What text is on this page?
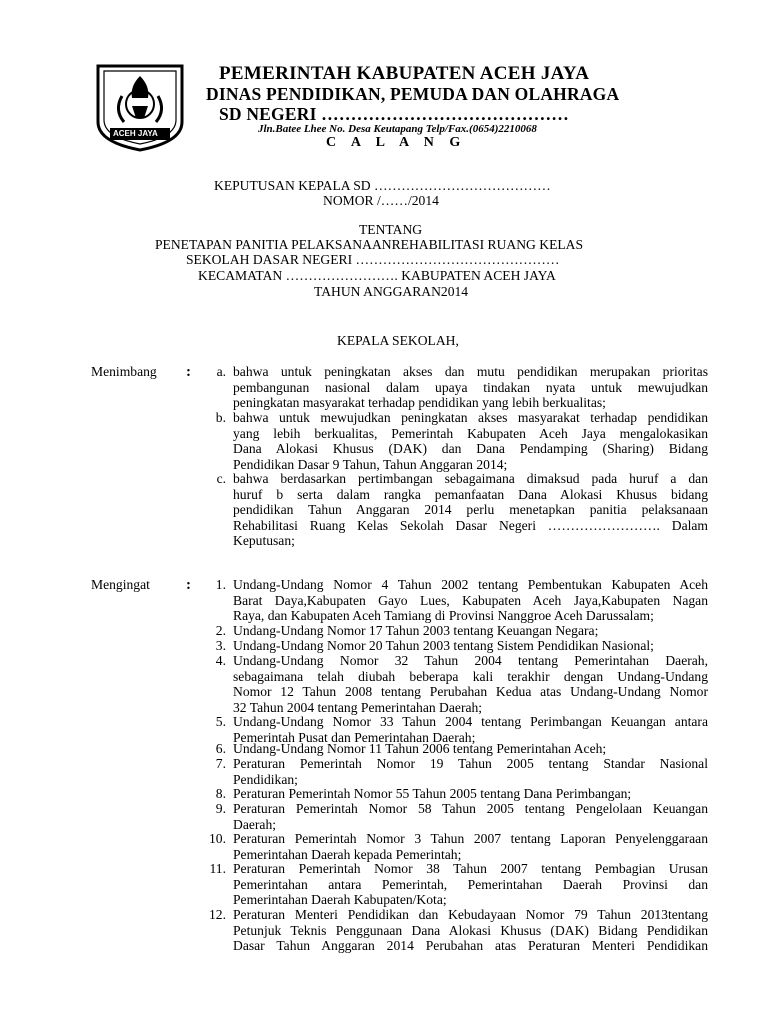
ACEH JAYA
PEMERINTAH KABUPATEN ACEH JAYA
DINAS PENDIDIKAN, PEMUDA DAN OLAHRAGA
SD NEGERI ……………………………………
Jln.Batee Lhee No. Desa Keutapang Telp/Fax.(0654)2210068
C A L A N G
KEPUTUSAN KEPALA SD …………………………………
NOMOR /……/2014
TENTANG
PENETAPAN PANITIA PELAKSANAANREHABILITASI RUANG KELAS
SEKOLAH DASAR NEGERI ………………………………………
KECAMATAN ……………………. KABUPATEN ACEH JAYA
TAHUN ANGGARAN2014
KEPALA SEKOLAH,
Menimbang :	a. bahwa untuk peningkatan akses dan mutu pendidikan merupakan prioritas
pembangunan nasional dalam upaya tindakan nyata untuk mewujudkan
peningkatan masyarakat terhadap pendidikan yang lebih berkualitas;
b. bahwa untuk mewujudkan peningkatan akses masyarakat terhadap pendidikan
yang lebih berkualitas, Pemerintah Kabupaten Aceh Jaya mengalokasikan
Dana Alokasi Khusus (DAK) dan Dana Pendamping (Sharing) Bidang
Pendidikan Dasar 9 Tahun, Tahun Anggaran 2014;
c. bahwa berdasarkan pertimbangan sebagaimana dimaksud pada huruf a dan
huruf b serta dalam rangka pemanfaatan Dana Alokasi Khusus bidang
pendidikan Tahun Anggaran 2014 perlu menetapkan panitia pelaksanaan
Rehabilitasi Ruang Kelas Sekolah Dasar Negeri ……………………. Dalam
Keputusan;
Mengingat :	1. Undang-Undang Nomor 4 Tahun 2002 tentang Pembentukan Kabupaten Aceh
Barat Daya,Kabupaten Gayo Lues, Kabupaten Aceh Jaya,Kabupaten Nagan
Raya, dan Kabupaten Aceh Tamiang di Provinsi Nanggroe Aceh Darussalam;
2. Undang-Undang Nomor 17 Tahun 2003 tentang Keuangan Negara;
3. Undang-Undang Nomor 20 Tahun 2003 tentang Sistem Pendidikan Nasional;
4. Undang-Undang Nomor 32 Tahun 2004 tentang Pemerintahan Daerah,
sebagaimana telah diubah beberapa kali terakhir dengan Undang-Undang
Nomor 12 Tahun 2008 tentang Perubahan Kedua atas Undang-Undang Nomor
32 Tahun 2004 tentang Pemerintahan Daerah;
5. Undang-Undang Nomor 33 Tahun 2004 tentang Perimbangan Keuangan antara
Pemerintah Pusat dan Pemerintahan Daerah;
6. Undang-Undang Nomor 11 Tahun 2006 tentang Pemerintahan Aceh;
7. Peraturan Pemerintah Nomor 19 Tahun 2005 tentang Standar Nasional
Pendidikan;
8. Peraturan Pemerintah Nomor 55 Tahun 2005 tentang Dana Perimbangan;
9. Peraturan Pemerintah Nomor 58 Tahun 2005 tentang Pengelolaan Keuangan
Daerah;
10. Peraturan Pemerintah Nomor 3 Tahun 2007 tentang Laporan Penyelenggaraan
Pemerintahan Daerah kepada Pemerintah;
11. Peraturan Pemerintah Nomor 38 Tahun 2007 tentang Pembagian Urusan
Pemerintahan antara Pemerintah, Pemerintahan Daerah Provinsi dan
Pemerintahan Daerah Kabupaten/Kota;
12. Peraturan Menteri Pendidikan dan Kebudayaan Nomor 79 Tahun 2013tentang
Petunjuk Teknis Penggunaan Dana Alokasi Khusus (DAK) Bidang Pendidikan
Dasar Tahun Anggaran 2014 Perubahan atas Peraturan Menteri Pendidikan
